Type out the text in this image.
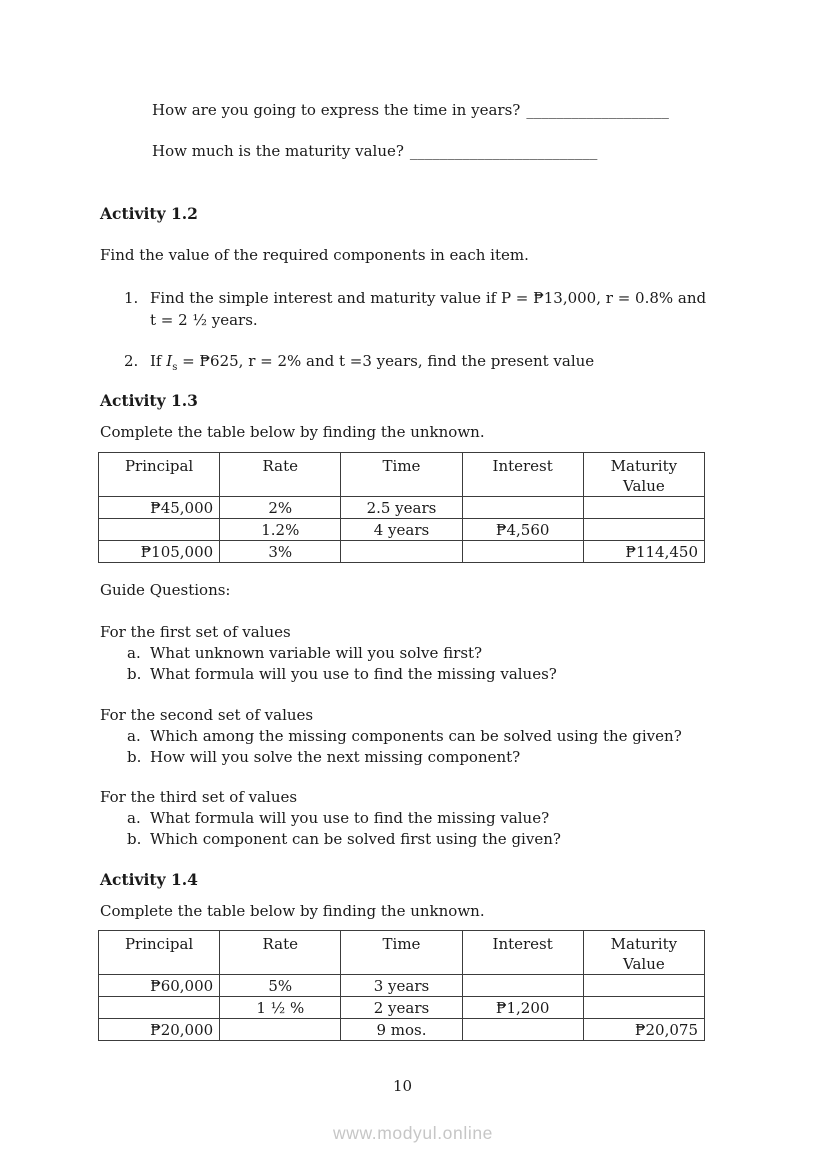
How are you going to express the time in years? ___________________
How much is the maturity value? _________________________
Activity 1.2
Find the value of the required components in each item.
1. Find the simple interest and maturity value if P = ₱13,000, r = 0.8% and
t = 2 ½ years.
2. If $I_s$ = ₱625, r = 2% and t =3 years, find the present value
Activity 1.3
Complete the table below by finding the unknown.
Principal	Rate	Time	Interest	Maturity Value

₱45,000	2%	2.5 years		
	1.2%	4 years	₱4,560	
₱105,000	3%			₱114,450
Guide Questions:
For the first set of values
a. What unknown variable will you solve first?
b. What formula will you use to find the missing values?
For the second set of values
a. Which among the missing components can be solved using the given?
b. How will you solve the next missing component?
For the third set of values
a. What formula will you use to find the missing value?
b. Which component can be solved first using the given?
Activity 1.4
Complete the table below by finding the unknown.
Principal	Rate	Time	Interest	Maturity Value

₱60,000	5%	3 years		
	1 ½ %	2 years	₱1,200	
₱20,000		9 mos.		₱20,075
10
www.modyul.online
